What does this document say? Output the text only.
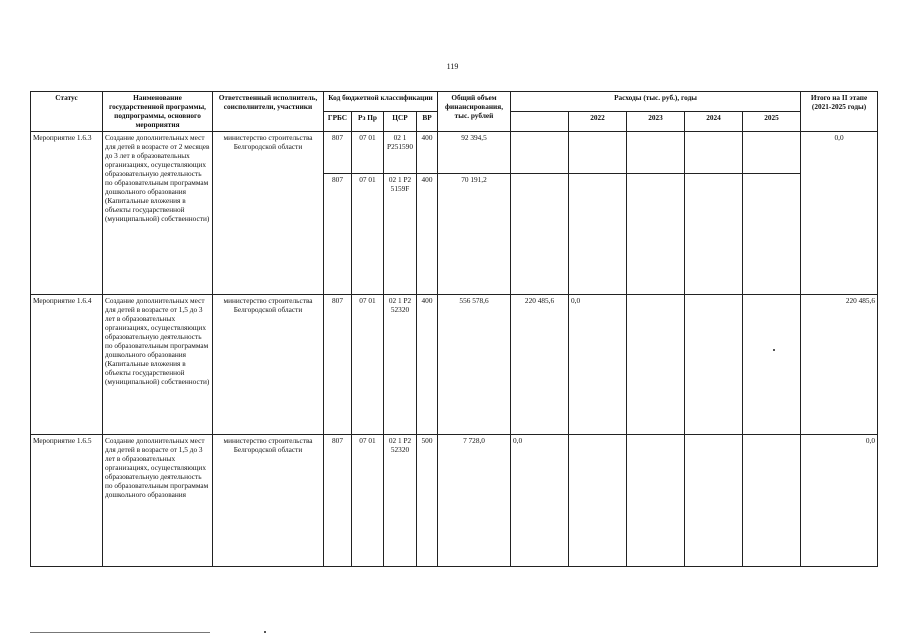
119
Статус	Наименование государственной программы, подпрограммы, основного мероприятия	Ответственный исполнитель, соисполнители, участники	Код бюджетной классификации				Общий объем финансирования, тыс. рублей	Расходы (тыс. руб.), годы					Итого на II этапе (2021-2025 годы)
			ГРБС	Рз Пр	ЦСР	ВР			2022	2023	2024	2025	
Мероприятие 1.6.3	Создание дополнительных мест для детей в возрасте от 2 месяцев до 3 лет в образовательных организациях, осуществляющих образовательную деятельность по образовательным программам дошкольного образования (Капитальные вложения в объекты государственной (муниципальной) собственности)	министерство строительства Белгородской области	807	07 01	02 1 P251590	400	92 394,5						0,0
			807	07 01	02 1 P2 5159F	400	70 191,2						
Мероприятие 1.6.4	Создание дополнительных мест для детей в возрасте от 1,5 до 3 лет в образовательных организациях, осуществляющих образовательную деятельность по образовательным программам дошкольного образования (Капитальные вложения в объекты государственной (муниципальной) собственности)	министерство строительства Белгородской области	807	07 01	02 1 P2 52320	400	556 578,6	220 485,6	0,0				220 485,6
Мероприятие 1.6.5	Создание дополнительных мест для детей в возрасте от 1,5 до 3 лет в образовательных организациях, осуществляющих образовательную деятельность по образовательным программам дошкольного образования	министерство строительства Белгородской области	807	07 01	02 1 P2 52320	500	7 728,0	0,0					0,0
